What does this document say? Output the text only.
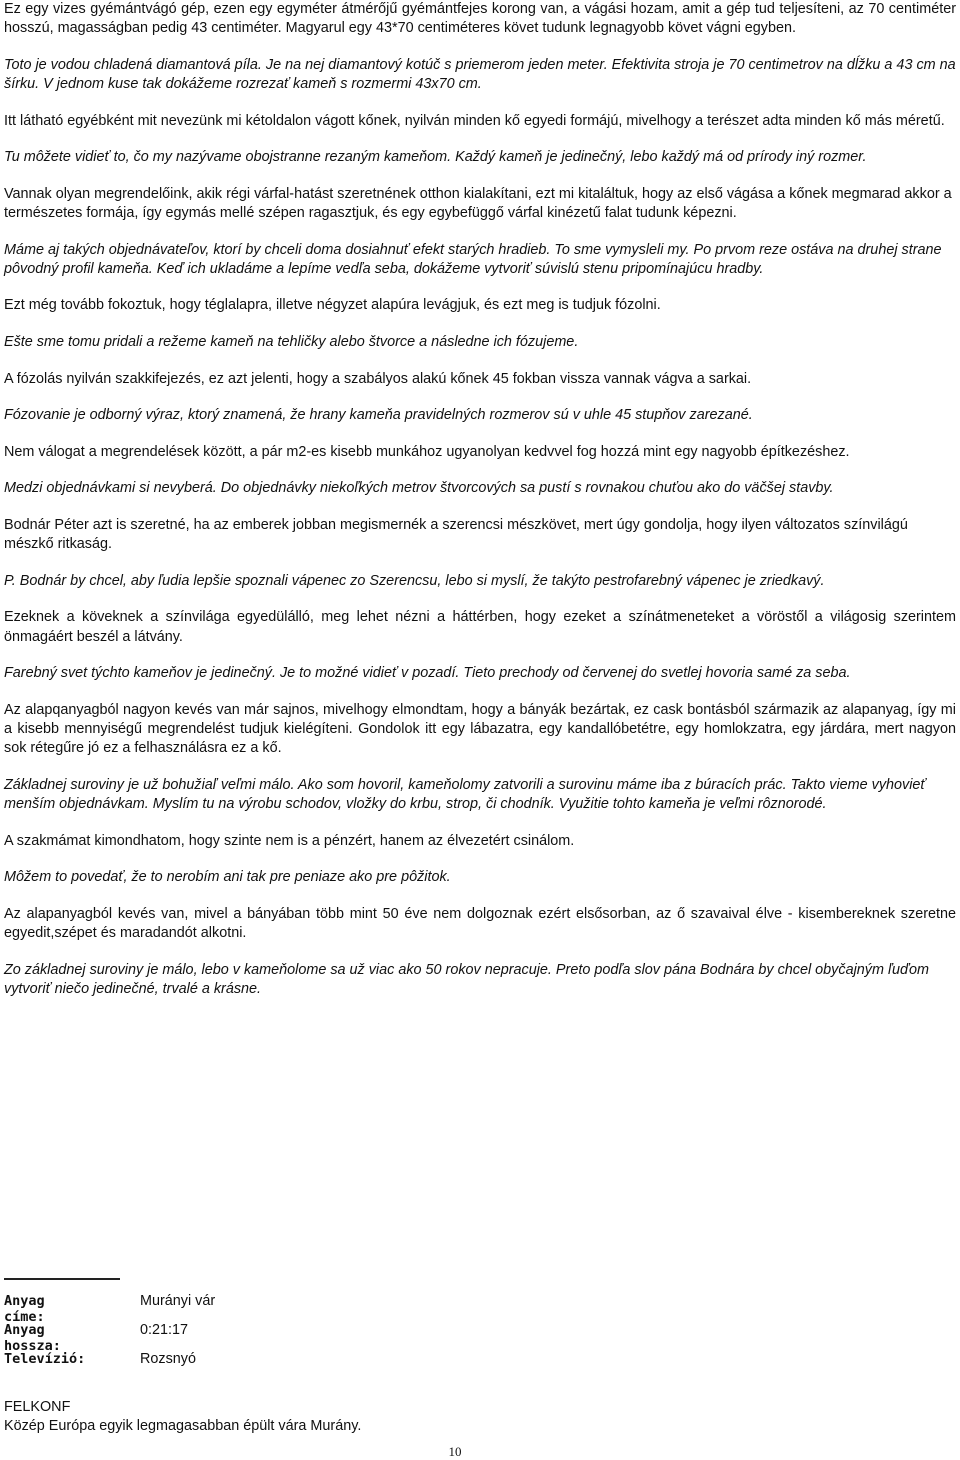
Ez egy vizes gyémántvágó gép, ezen egy egyméter átmérőjű gyémántfejes korong van, a vágási hozam, amit a gép tud teljesíteni, az 70 centiméter hosszú, magasságban pedig 43 centiméter. Magyarul egy 43*70 centiméteres követ tudunk legnagyobb követ vágni egyben.

Toto je vodou chladená diamantová píla. Je na nej diamantový kotúč s priemerom jeden meter. Efektivita stroja je 70 centimetrov na dĺžku a 43 cm na šírku. V jednom kuse tak dokážeme rozrezať kameň s rozmermi 43x70 cm.

Itt látható egyébként mit nevezünk mi kétoldalon vágott kőnek, nyilván minden kő egyedi formájú, mivelhogy a terészet adta minden kő más méretű.

Tu môžete vidieť to, čo my nazývame obojstranne rezaným kameňom. Každý kameň je jedinečný, lebo každý má od prírody iný rozmer.

Vannak olyan megrendelőink, akik régi várfal-hatást szeretnének otthon kialakítani, ezt mi kitaláltuk, hogy az első vágása a kőnek megmarad akkor a természetes formája, így egymás mellé szépen ragasztjuk, és egy egybefüggő várfal kinézetű falat tudunk képezni.

Máme aj takých objednávateľov, ktorí by chceli doma dosiahnuť efekt starých hradieb. To sme vymysleli my. Po prvom reze ostáva na druhej strane pôvodný profil kameňa. Keď ich ukladáme a lepíme vedľa seba, dokážeme vytvoriť súvislú stenu pripomínajúcu hradby.

Ezt még tovább fokoztuk, hogy téglalapra, illetve négyzet alapúra levágjuk, és ezt meg is tudjuk fózolni.

Ešte sme tomu pridali a režeme kameň na tehličky alebo štvorce a následne ich fózujeme.

A fózolás nyilván szakkifejezés, ez azt jelenti, hogy a szabályos alakú kőnek 45 fokban vissza vannak vágva a sarkai.

Fózovanie je odborný výraz, ktorý znamená, že hrany kameňa pravidelných rozmerov sú v uhle 45 stupňov zarezané.

Nem válogat a megrendelések között, a pár m2-es kisebb munkához ugyanolyan kedvvel fog hozzá mint egy nagyobb építkezéshez.

Medzi objednávkami si nevyberá. Do objednávky niekoľkých metrov štvorcových sa pustí s rovnakou chuťou ako do väčšej stavby.

Bodnár Péter azt is szeretné, ha az emberek jobban megismernék a szerencsi mészkövet, mert úgy gondolja, hogy ilyen változatos színvilágú mészkő ritkaság.

P. Bodnár by chcel, aby ľudia lepšie spoznali vápenec zo Szerencsu, lebo si myslí, že takýto pestrofarebný vápenec je zriedkavý.

Ezeknek a köveknek a színvilága egyedülálló, meg lehet nézni a háttérben, hogy ezeket a színátmeneteket a vöröstől a világosig szerintem önmagáért beszél a látvány.

Farebný svet týchto kameňov je jedinečný. Je to možné vidieť v pozadí. Tieto prechody od červenej do svetlej hovoria samé za seba.

Az alapqanyagból nagyon kevés van már sajnos, mivelhogy elmondtam, hogy a bányák bezártak, ez cask bontásból származik az alapanyag, így mi a kisebb mennyiségű megrendelést tudjuk kielégíteni. Gondolok itt egy lábazatra, egy kandallóbetétre, egy homlokzatra, egy járdára, mert nagyon sok rétegűre jó ez a felhasználásra ez a kő.

Základnej suroviny je už bohužiaľ veľmi málo. Ako som hovoril, kameňolomy zatvorili a surovinu máme iba z búracích prác. Takto vieme vyhovieť menším objednávkam. Myslím tu na výrobu schodov, vložky do krbu, strop, či chodník. Využitie tohto kameňa je veľmi rôznorodé.

A szakmámat kimondhatom, hogy szinte nem is a pénzért, hanem az élvezetért csinálom.

Môžem to povedať, že to nerobím ani tak pre peniaze ako pre pôžitok.

Az alapanyagból kevés van, mivel a bányában több mint 50 éve nem dolgoznak ezért elsősorban, az ő szavaival élve - kisembereknek szeretne egyedit,szépet és maradandót alkotni.

Zo základnej suroviny je málo, lebo v kameňolome sa už viac ako 50 rokov nepracuje. Preto podľa slov pána Bodnára by chcel obyčajným ľuďom vytvoriť niečo jedinečné, trvalé a krásne.

Anyag címe:
Murányi vár
Anyag hossza:
0:21:17
Televízió:	Rozsnyó
FELKONF
Közép Európa egyik legmagasabban épült vára Murány.
10
